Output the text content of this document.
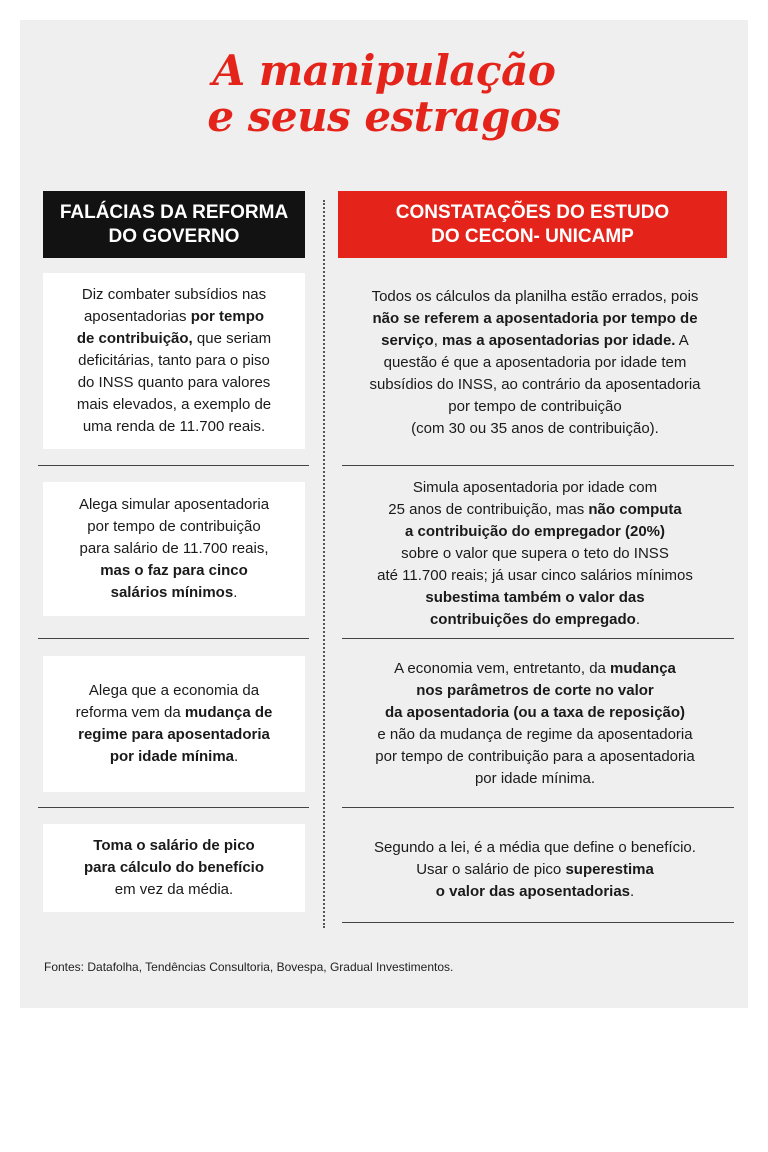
A manipulação
e seus estragos
FALÁCIAS DA REFORMA
DO GOVERNO
CONSTATAÇÕES DO ESTUDO
DO CECON- UNICAMP
Diz combater subsídios nas
aposentadorias por tempo
de contribuição, que seriam
deficitárias, tanto para o piso
do INSS quanto para valores
mais elevados, a exemplo de
uma renda de 11.700 reais.
Todos os cálculos da planilha estão errados, pois
não se referem a aposentadoria por tempo de
serviço, mas a aposentadorias por idade. A
questão é que a aposentadoria por idade tem
subsídios do INSS, ao contrário da aposentadoria
por tempo de contribuição
(com 30 ou 35 anos de contribuição).
Alega simular aposentadoria
por tempo de contribuição
para salário de 11.700 reais,
mas o faz para cinco
salários mínimos.
Simula aposentadoria por idade com
25 anos de contribuição, mas não computa
a contribuição do empregador (20%)
sobre o valor que supera o teto do INSS
até 11.700 reais; já usar cinco salários mínimos
subestima também o valor das
contribuições do empregado.
Alega que a economia da
reforma vem da mudança de
regime para aposentadoria
por idade mínima.
A economia vem, entretanto, da mudança
nos parâmetros de corte no valor
da aposentadoria (ou a taxa de reposição)
e não da mudança de regime da aposentadoria
por tempo de contribuição para a aposentadoria
por idade mínima.
Toma o salário de pico
para cálculo do benefício
em vez da média.
Segundo a lei, é a média que define o benefício.
Usar o salário de pico superestima
o valor das aposentadorias.
Fontes: Datafolha, Tendências Consultoria, Bovespa, Gradual Investimentos.
